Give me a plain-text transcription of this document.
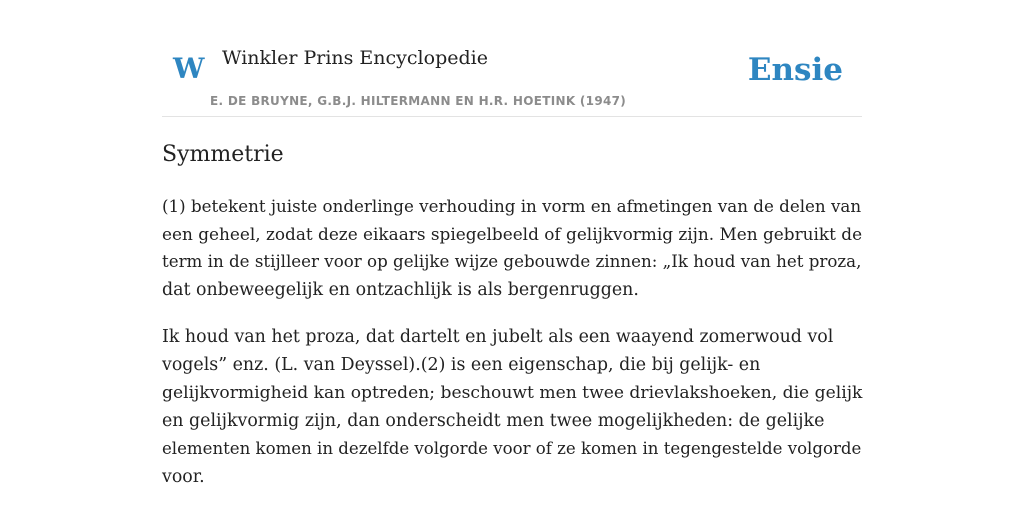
W Winkler Prins Encyclopedie
E. DE BRUYNE, G.B.J. HILTERMANN EN H.R. HOETINK (1947)
Ensie
Symmetrie

(1) betekent juiste onderlinge verhouding in vorm en afmetingen van de delen van
een geheel, zodat deze eikaars spiegelbeeld of gelijkvormig zijn. Men gebruikt de
term in de stijlleer voor op gelijke wijze gebouwde zinnen: „Ik houd van het proza,
dat onbeweegelijk en ontzachlijk is als bergenruggen.

Ik houd van het proza, dat dartelt en jubelt als een waayend zomerwoud vol
vogels” enz. (L. van Deyssel).(2) is een eigenschap, die bij gelijk- en
gelijkvormigheid kan optreden; beschouwt men twee drievlakshoeken, die gelijk
en gelijkvormig zijn, dan onderscheidt men twee mogelijkheden: de gelijke
elementen komen in dezelfde volgorde voor of ze komen in tegengestelde volgorde
voor.
